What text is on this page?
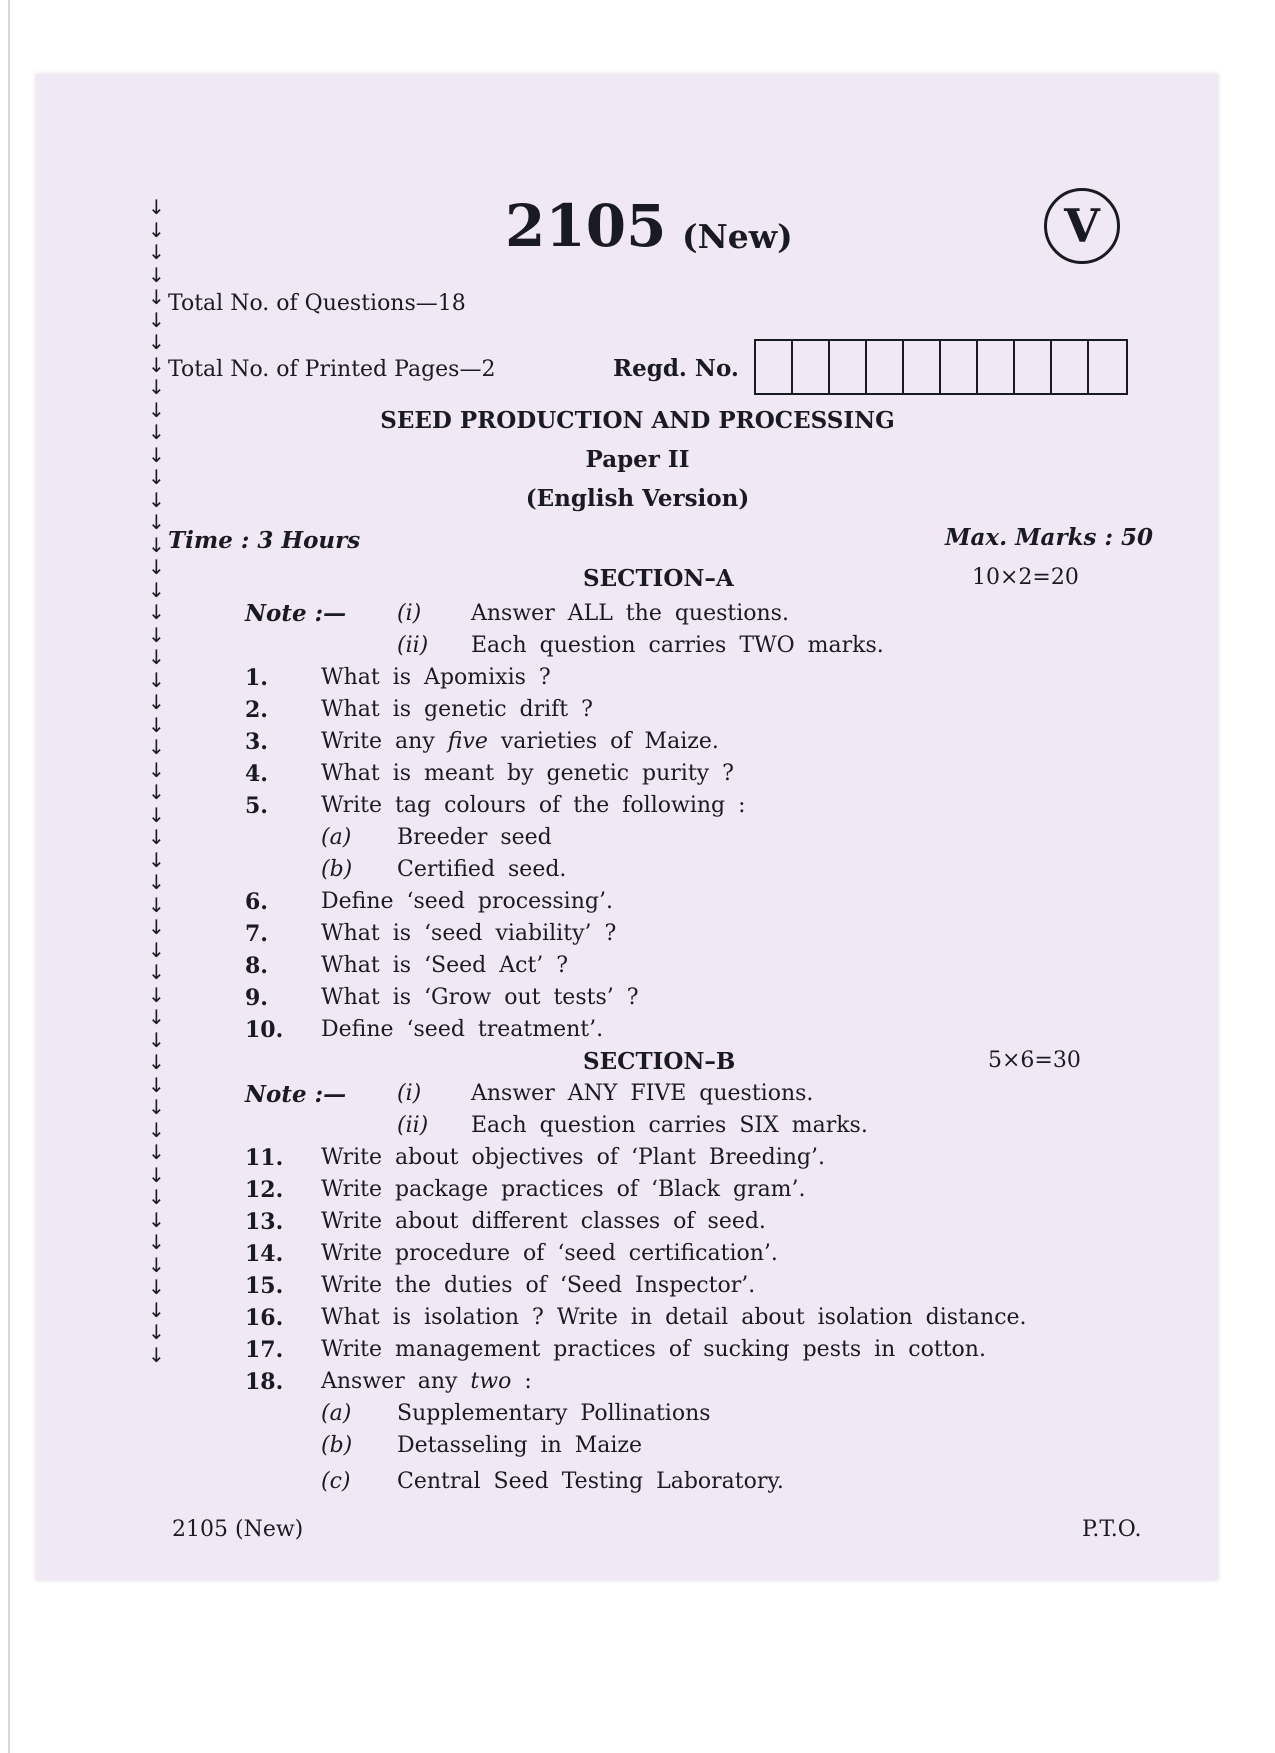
↓
↓
↓
↓
↓
↓
↓
↓
↓
↓
↓
↓
↓
↓
↓
↓
↓
↓
↓
↓
↓
↓
↓
↓
↓
↓
↓
↓
↓
↓
↓
↓
↓
↓
↓
↓
↓
↓
↓
↓
↓
↓
↓
↓
↓
↓
↓
↓
↓
↓
↓
↓
2105 (New)	V
Total No. of Questions—18
Total No. of Printed Pages—2	Regd. No.
SEED PRODUCTION AND PROCESSING
Paper II
(English Version)
Time : 3 Hours	Max. Marks : 50
SECTION–A	10×2=20
Note :— (i) Answer ALL the questions.
(ii) Each question carries TWO marks.
1. What is Apomixis ?
2. What is genetic drift ?
3. Write any five varieties of Maize.
4. What is meant by genetic purity ?
5. Write tag colours of the following :
(a) Breeder seed
(b) Certified seed.
6. Define ‘seed processing’.
7. What is ‘seed viability’ ?
8. What is ‘Seed Act’ ?
9. What is ‘Grow out tests’ ?
10. Define ‘seed treatment’.
SECTION–B	5×6=30
Note :— (i) Answer ANY FIVE questions.
(ii) Each question carries SIX marks.
11. Write about objectives of ‘Plant Breeding’.
12. Write package practices of ‘Black gram’.
13. Write about different classes of seed.
14. Write procedure of ‘seed certification’.
15. Write the duties of ‘Seed Inspector’.
16. What is isolation ? Write in detail about isolation distance.
17. Write management practices of sucking pests in cotton.
18. Answer any two :
(a) Supplementary Pollinations
(b) Detasseling in Maize
(c) Central Seed Testing Laboratory.
2105 (New)	P.T.O.
